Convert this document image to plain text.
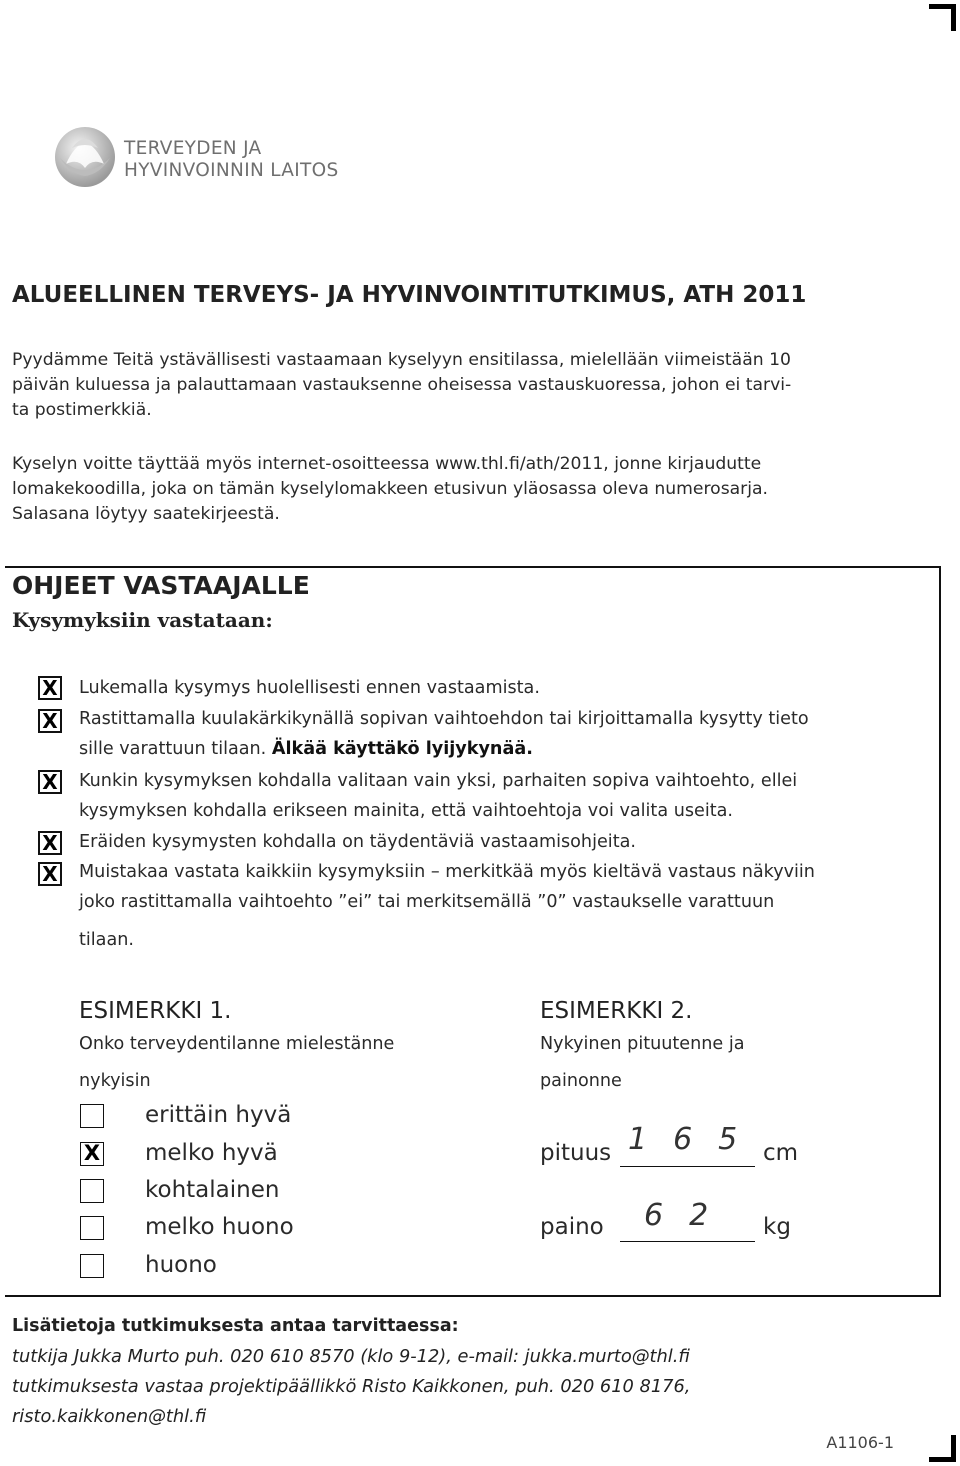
TERVEYDEN JA
HYVINVOINNIN LAITOS
ALUEELLINEN TERVEYS- JA HYVINVOINTITUTKIMUS, ATH 2011
Pyydämme Teitä ystävällisesti vastaamaan kyselyyn ensitilassa, mielellään viimeistään 10
päivän kuluessa ja palauttamaan vastauksenne oheisessa vastauskuoressa, johon ei tarvi-
ta postimerkkiä.
Kyselyn voitte täyttää myös internet-osoitteessa www.thl.fi/ath/2011, jonne kirjaudutte
lomakekoodilla, joka on tämän kyselylomakkeen etusivun yläosassa oleva numerosarja.
Salasana löytyy saatekirjeestä.
OHJEET VASTAAJALLE
Kysymyksiin vastataan:
X Lukemalla kysymys huolellisesti ennen vastaamista.
X Rastittamalla kuulakärkikynällä sopivan vaihtoehdon tai kirjoittamalla kysytty tieto
sille varattuun tilaan. Älkää käyttäkö lyijykynää.
X Kunkin kysymyksen kohdalla valitaan vain yksi, parhaiten sopiva vaihtoehto, ellei
kysymyksen kohdalla erikseen mainita, että vaihtoehtoja voi valita useita.
X Eräiden kysymysten kohdalla on täydentäviä vastaamisohjeita.
X Muistakaa vastata kaikkiin kysymyksiin – merkitkää myös kieltävä vastaus näkyviin
joko rastittamalla vaihtoehto ”ei” tai merkitsemällä ”0” vastaukselle varattuun
tilaan.
ESIMERKKI 1.
Onko terveydentilanne mielestänne
nykyisin
erittäin hyvä
X melko hyvä
kohtalainen
melko huono
huono
ESIMERKKI 2.
Nykyinen pituutenne ja
painonne
pituus 165 cm
paino 62 kg
Lisätietoja tutkimuksesta antaa tarvittaessa:
tutkija Jukka Murto puh. 020 610 8570 (klo 9-12), e-mail: jukka.murto@thl.fi
tutkimuksesta vastaa projektipäällikkö Risto Kaikkonen, puh. 020 610 8176,
risto.kaikkonen@thl.fi
A1106-1
